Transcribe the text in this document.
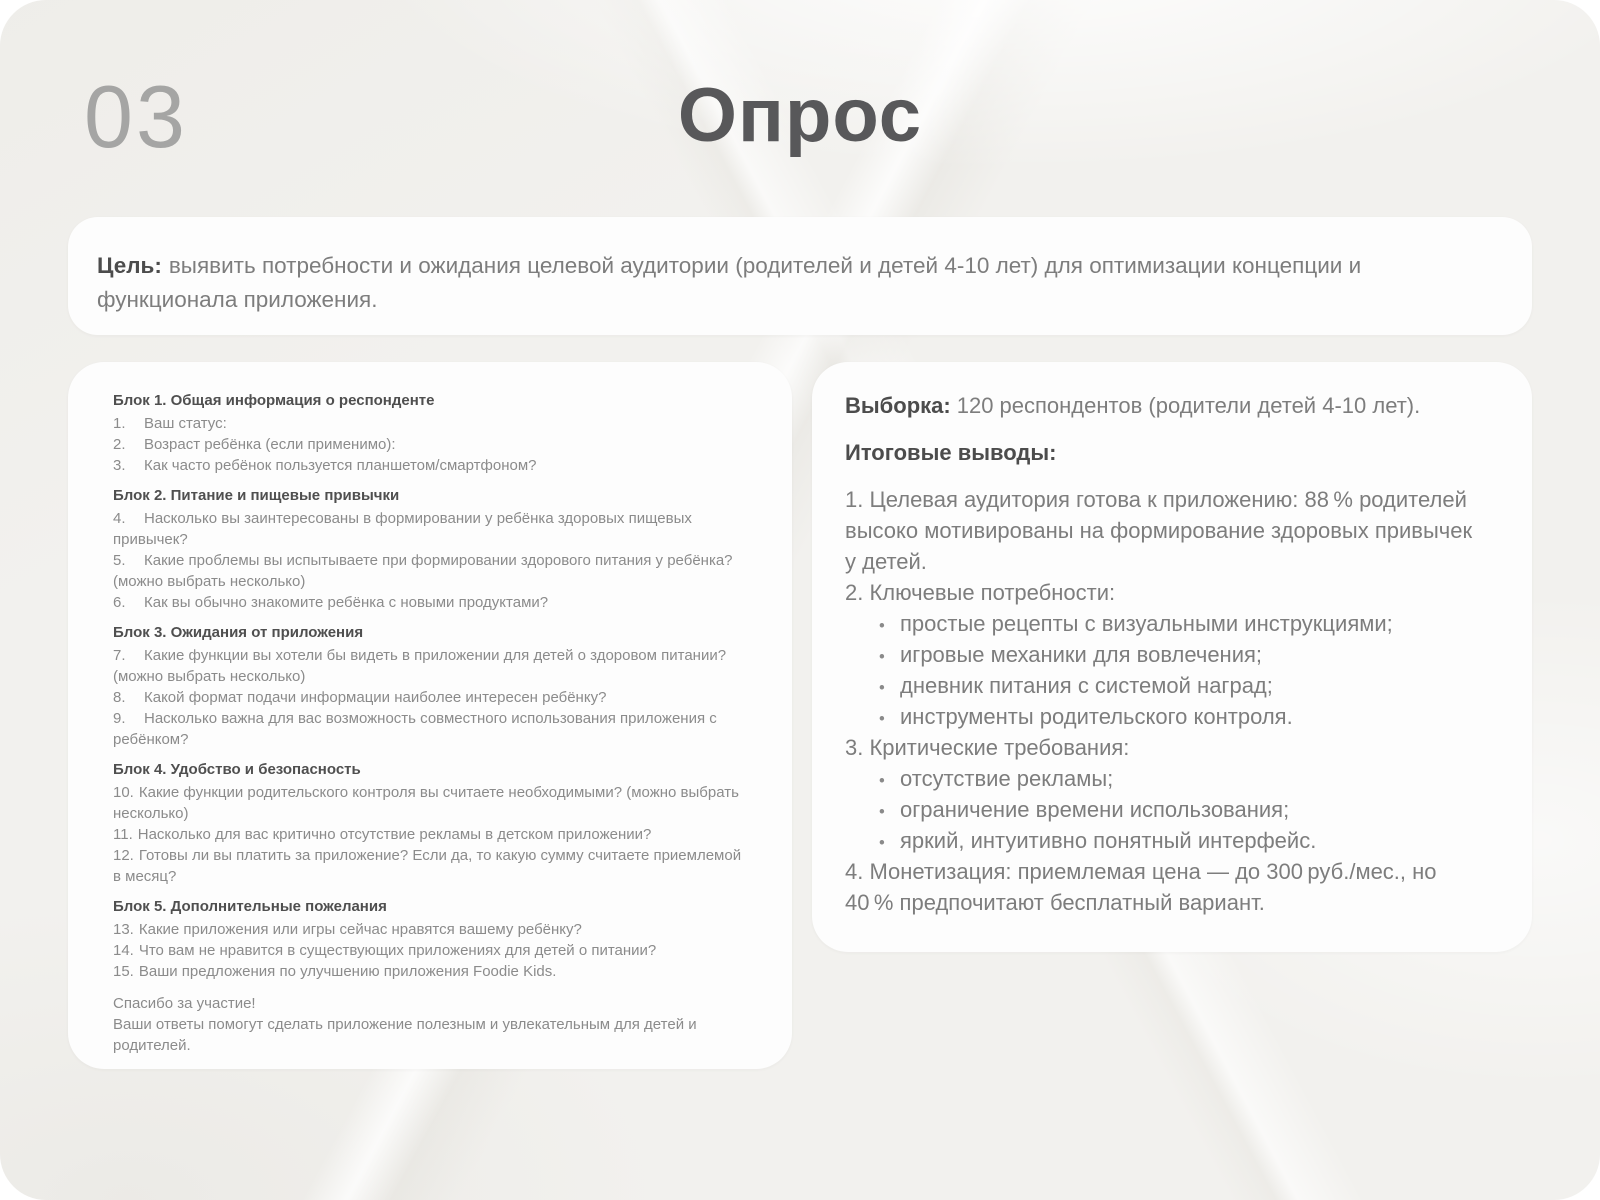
03	Опрос

Цель: выявить потребности и ожидания целевой аудитории (родителей и детей 4-10 лет) для оптимизации концепции и функционала приложения.

Блок 1. Общая информация о респонденте
1. Ваш статус:
2. Возраст ребёнка (если применимо):
3. Как часто ребёнок пользуется планшетом/смартфоном?
Блок 2. Питание и пищевые привычки
4. Насколько вы заинтересованы в формировании у ребёнка здоровых пищевых привычек?
5. Какие проблемы вы испытываете при формировании здорового питания у ребёнка? (можно выбрать несколько)
6. Как вы обычно знакомите ребёнка с новыми продуктами?
Блок 3. Ожидания от приложения
7. Какие функции вы хотели бы видеть в приложении для детей о здоровом питании? (можно выбрать несколько)
8. Какой формат подачи информации наиболее интересен ребёнку?
9. Насколько важна для вас возможность совместного использования приложения с ребёнком?
Блок 4. Удобство и безопасность
10. Какие функции родительского контроля вы считаете необходимыми? (можно выбрать несколько)
11. Насколько для вас критично отсутствие рекламы в детском приложении?
12. Готовы ли вы платить за приложение? Если да, то какую сумму считаете приемлемой в месяц?
Блок 5. Дополнительные пожелания
13. Какие приложения или игры сейчас нравятся вашему ребёнку?
14. Что вам не нравится в существующих приложениях для детей о питании?
15. Ваши предложения по улучшению приложения Foodie Kids.
Спасибо за участие!
Ваши ответы помогут сделать приложение полезным и увлекательным для детей и родителей.
Выборка: 120 респондентов (родители детей 4-10 лет).
Итоговые выводы:
1. Целевая аудитория готова к приложению: 88 % родителей высоко мотивированы на формирование здоровых привычек у детей.
2. Ключевые потребности:
• простые рецепты с визуальными инструкциями;
• игровые механики для вовлечения;
• дневник питания с системой наград;
• инструменты родительского контроля.
3. Критические требования:
• отсутствие рекламы;
• ограничение времени использования;
• яркий, интуитивно понятный интерфейс.
4. Монетизация: приемлемая цена — до 300 руб./мес., но 40 % предпочитают бесплатный вариант.
